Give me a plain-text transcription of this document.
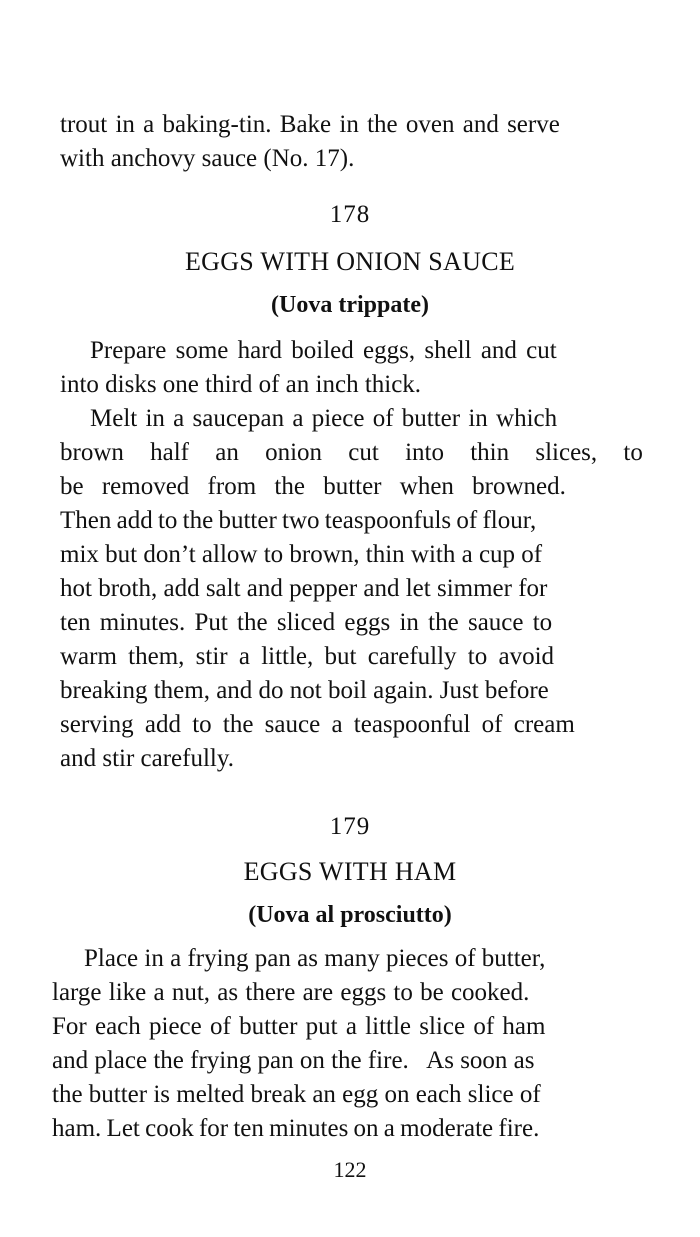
trout in a baking-tin. Bake in the oven and serve
with anchovy sauce (No. 17).

178

EGGS WITH ONION SAUCE

(Uova trippate)

Prepare some hard boiled eggs, shell and cut
into disks one third of an inch thick.
Melt in a saucepan a piece of butter in which
brown half an onion cut into thin slices, to
be removed from the butter when browned.
Then add to the butter two teaspoonfuls of flour,
mix but don’t allow to brown, thin with a cup of
hot broth, add salt and pepper and let simmer for
ten minutes. Put the sliced eggs in the sauce to
warm them, stir a little, but carefully to avoid
breaking them, and do not boil again. Just before
serving add to the sauce a teaspoonful of cream
and stir carefully.

179

EGGS WITH HAM

(Uova al prosciutto)

Place in a frying pan as many pieces of butter,
large like a nut, as there are eggs to be cooked.
For each piece of butter put a little slice of ham
and place the frying pan on the fire.   As soon as
the butter is melted break an egg on each slice of
ham. Let cook for ten minutes on a moderate fire.

122
